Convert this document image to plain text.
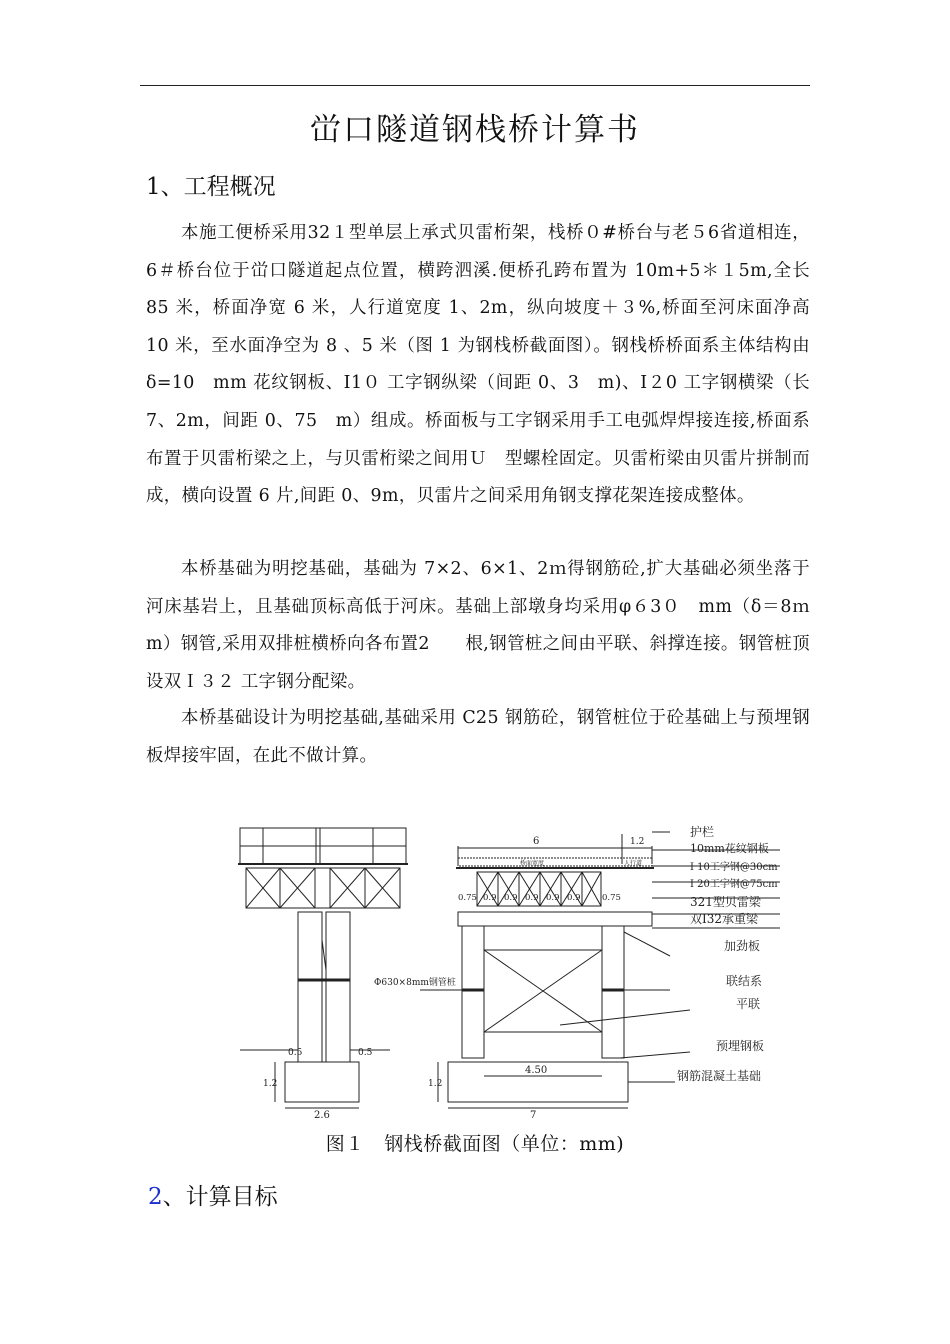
峃口隧道钢栈桥计算书
1、工程概况
本施工便桥采用32１型单层上承式贝雷桁架，栈桥０#桥台与老５6省道相连， 6＃桥台位于峃口隧道起点位置，横跨泗溪.便桥孔跨布置为 10m+5＊１5m,全长 85 米，桥面净宽 6 米，人行道宽度 1、2m，纵向坡度＋３%,桥面至河床面净高 10 米，至水面净空为 8 、5 米（图 1 为钢栈桥截面图）。钢栈桥桥面系主体结构由δ=10　mm 花纹钢板、I1０ 工字钢纵梁（间距 0、3　m)、I２0 工字钢横梁（长 7、2m，间距 0、75　m）组成。桥面板与工字钢采用手工电弧焊焊接连接,桥面系布置于贝雷桁梁之上，与贝雷桁梁之间用Ｕ　型螺栓固定。贝雷桁梁由贝雷片拼制而成，横向设置 6 片,间距 0、9m，贝雷片之间采用角钢支撑花架连接成整体。
本桥基础为明挖基础，基础为 7×2、6×1、2ｍ得钢筋砼,扩大基础必须坐落于河床基岩上，且基础顶标高低于河床。基础上部墩身均采用φ６3０　mm（δ＝8ｍm）钢管,采用双排桩横桥向各布置2　　根,钢管桩之间由平联、斜撑连接。钢管桩顶设双Ｉ３２ 工字钢分配梁。
本桥基础设计为明挖基础,基础采用 C25 钢筋砼，钢管桩位于砼基础上与预埋钢板焊接牢固，在此不做计算。
0.5	0.5
1.2
2.6
6	1.2
桥面宽度	人行道
0.75 0.9 0.9 0.9 0.9 0.9	0.75
1.2
4.50
7
Φ630×8mm钢管桩
护栏
10mm花纹钢板
I 10工字钢@30cm
I 20工字钢@75cm
321型贝雷梁
双I32承重梁
加劲板
联结系
平联
预埋钢板
钢筋混凝土基础
图１　钢栈桥截面图（单位：mm)
2、计算目标
